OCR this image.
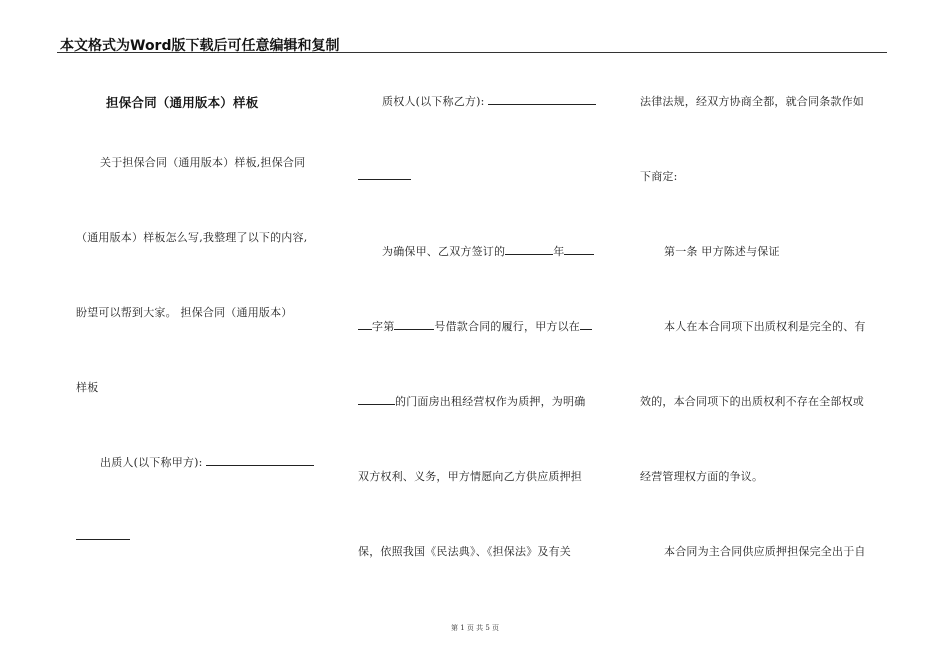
本文格式为Word版下载后可任意编辑和复制
担保合同（通用版本）样板
关于担保合同（通用版本）样板,担保合同
（通用版本）样板怎么写,我整理了以下的内容,
盼望可以帮到大家。 担保合同（通用版本）
样板
出质人(以下称甲方):
质权人(以下称乙方):
为确保甲、乙双方签订的	年
字第	号借款合同的履行，甲方以在
的门面房出租经营权作为质押，为明确
双方权利、义务，甲方情愿向乙方供应质押担
保，依照我国《民法典》、《担保法》及有关
法律法规，经双方协商全都，就合同条款作如
下商定:
第一条 甲方陈述与保证
本人在本合同项下出质权利是完全的、有
效的，本合同项下的出质权利不存在全部权或
经营管理权方面的争议。
本合同为主合同供应质押担保完全出于自
第 1 页 共 5 页
